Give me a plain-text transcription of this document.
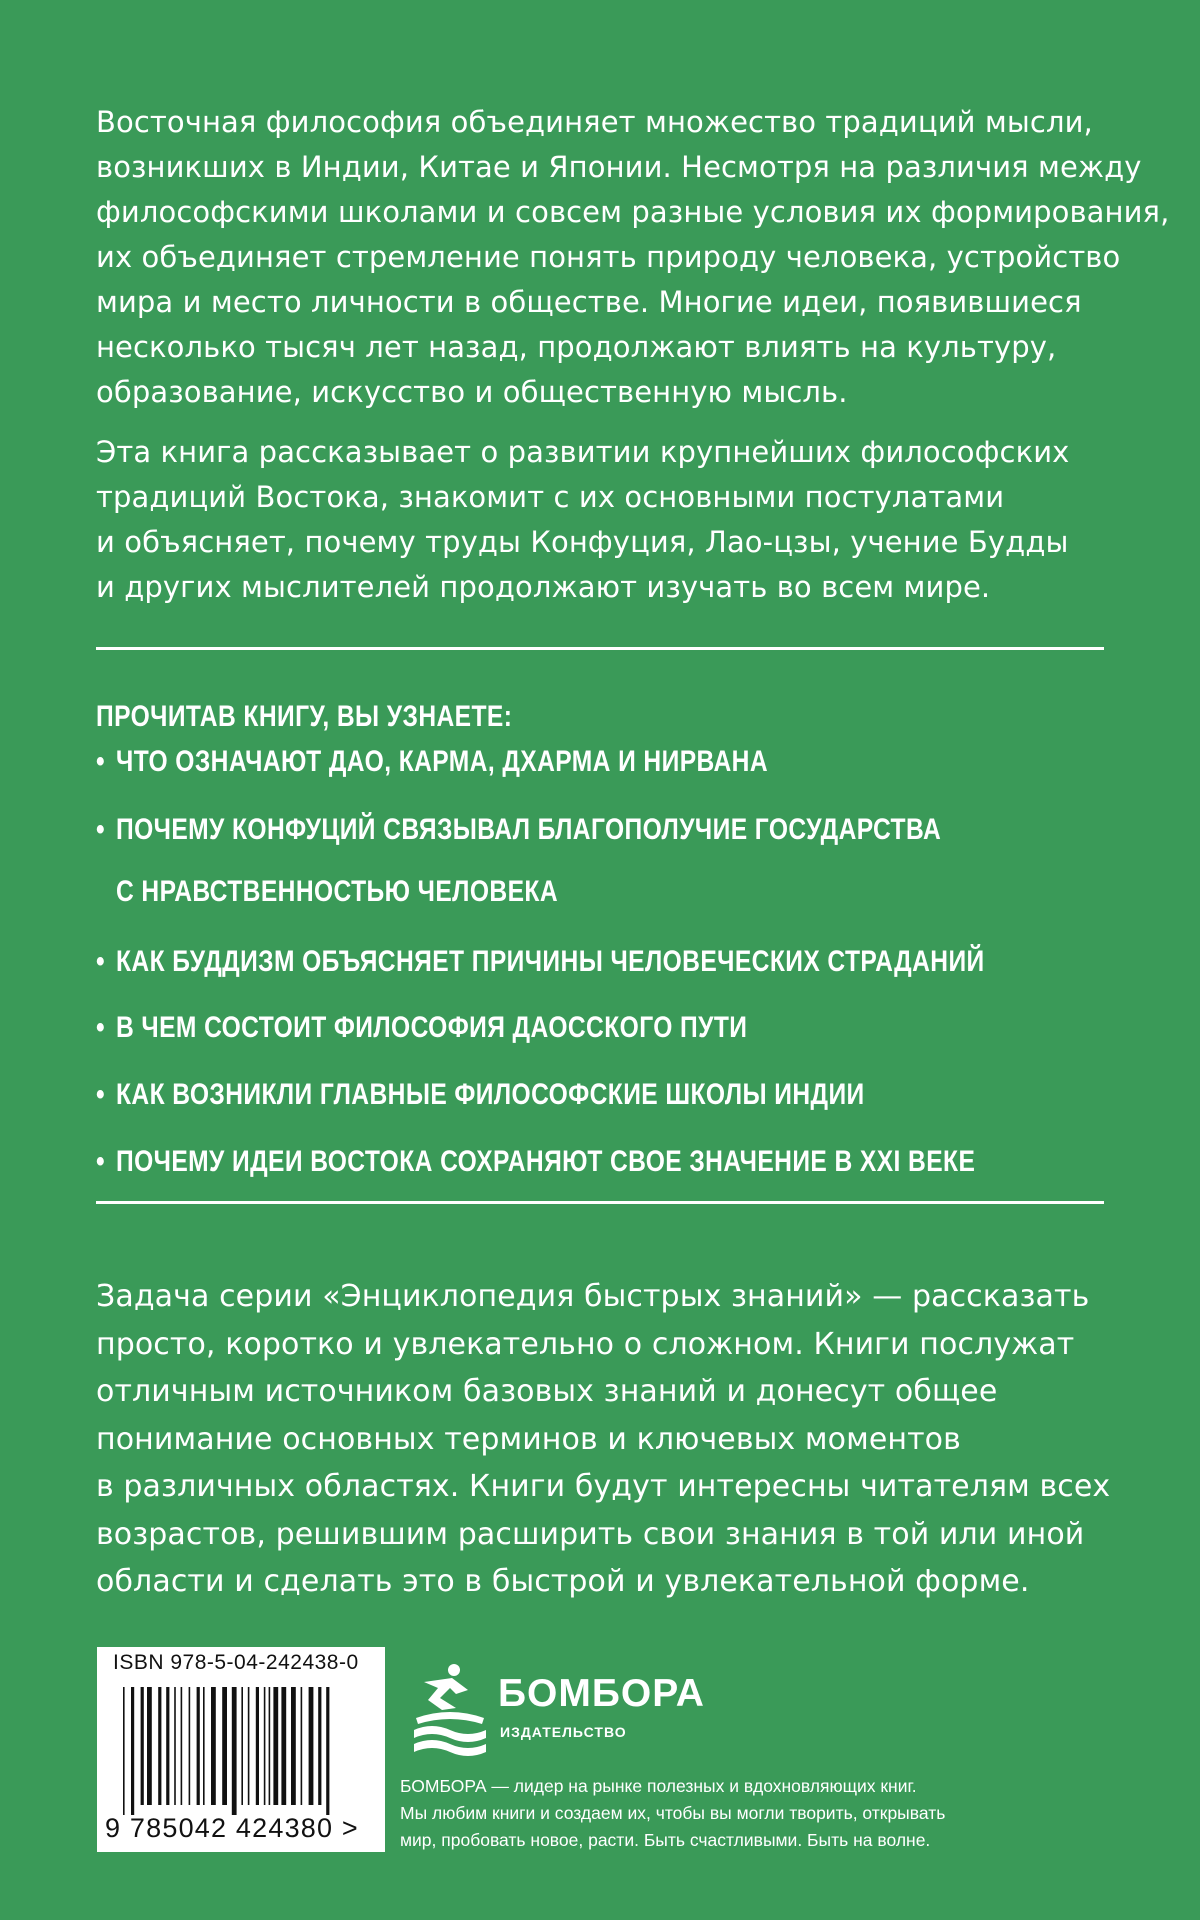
Восточная философия объединяет множество традиций мысли,
возникших в Индии, Китае и Японии. Несмотря на различия между
философскими школами и совсем разные условия их формирования,
их объединяет стремление понять природу человека, устройство
мира и место личности в обществе. Многие идеи, появившиеся
несколько тысяч лет назад, продолжают влиять на культуру,
образование, искусство и общественную мысль.
Эта книга рассказывает о развитии крупнейших философских
традиций Востока, знакомит с их основными постулатами
и объясняет, почему труды Конфуция, Лао-цзы, учение Будды
и других мыслителей продолжают изучать во всем мире.
ПРОЧИТАВ КНИГУ, ВЫ УЗНАЕТЕ:
• ЧТО ОЗНАЧАЮТ ДАО, КАРМА, ДХАРМА И НИРВАНА
• ПОЧЕМУ КОНФУЦИЙ СВЯЗЫВАЛ БЛАГОПОЛУЧИЕ ГОСУДАРСТВА
С НРАВСТВЕННОСТЬЮ ЧЕЛОВЕКА
• КАК БУДДИЗМ ОБЪЯСНЯЕТ ПРИЧИНЫ ЧЕЛОВЕЧЕСКИХ СТРАДАНИЙ
• В ЧЕМ СОСТОИТ ФИЛОСОФИЯ ДАОССКОГО ПУТИ
• КАК ВОЗНИКЛИ ГЛАВНЫЕ ФИЛОСОФСКИЕ ШКОЛЫ ИНДИИ
• ПОЧЕМУ ИДЕИ ВОСТОКА СОХРАНЯЮТ СВОЕ ЗНАЧЕНИЕ В XXI ВЕКЕ
Задача серии «Энциклопедия быстрых знаний» — рассказать
просто, коротко и увлекательно о сложном. Книги послужат
отличным источником базовых знаний и донесут общее
понимание основных терминов и ключевых моментов
в различных областях. Книги будут интересны читателям всех
возрастов, решившим расширить свои знания в той или иной
области и сделать это в быстрой и увлекательной форме.
ISBN 978-5-04-242438-0
9 785042 424380 >
БОМБОРА
ИЗДАТЕЛЬСТВО
БОМБОРА — лидер на рынке полезных и вдохновляющих книг.
Мы любим книги и создаем их, чтобы вы могли творить, открывать
мир, пробовать новое, расти. Быть счастливыми. Быть на волне.
